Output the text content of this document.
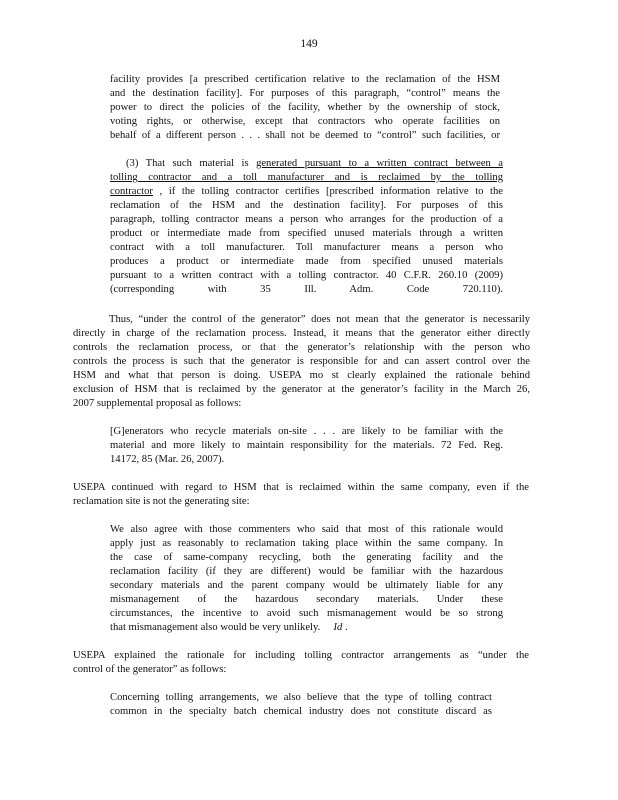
149
facility provides [a prescribed certification relative to the reclamation of the HSM
and the destination facility]. For purposes of this paragraph, “control” means the
power to direct the policies of the facility, whether by the ownership of stock,
voting rights, or otherwise, except that contractors who operate facilities on
behalf of a different person . . . shall not be deemed to “control” such facilities, or
(3) That such material is generated pursuant to a written contract between a
tolling contractor and a toll manufacturer and is reclaimed by the tolling
contractor , if the tolling contractor certifies [prescribed information relative to the
reclamation of the HSM and the destination facility]. For purposes of this
paragraph, tolling contractor means a person who arranges for the production of a
product or intermediate made from specified unused materials through a written
contract with a toll manufacturer. Toll manufacturer means a person who
produces a product or intermediate made from specified unused materials
pursuant to a written contract with a tolling contractor. 40 C.F.R. 260.10 (2009)
(corresponding with 35 Ill. Adm. Code 720.110).
Thus, “under the control of the generator” does not mean that the generator is necessarily
directly in charge of the reclamation process. Instead, it means that the generator either directly
controls the reclamation process, or that the generator’s relationship with the person who
controls the process is such that the generator is responsible for and can assert control over the
HSM and what that person is doing. USEPA mo st clearly explained the rationale behind
exclusion of HSM that is reclaimed by the generator at the generator’s facility in the March 26,
2007 supplemental proposal as follows:
[G]enerators who recycle materials on-site . . . are likely to be familiar with the
material and more likely to maintain responsibility for the materials. 72 Fed. Reg.
14172, 85 (Mar. 26, 2007).
USEPA continued with regard to HSM that is reclaimed within the same company, even if the
reclamation site is not the generating site:
We also agree with those commenters who said that most of this rationale would
apply just as reasonably to reclamation taking place within the same company. In
the case of same-company recycling, both the generating facility and the
reclamation facility (if they are different) would be familiar with the hazardous
secondary materials and the parent company would be ultimately liable for any
mismanagement of the hazardous secondary materials. Under these
circumstances, the incentive to avoid such mismanagement would be so strong
that mismanagement also would be very unlikely. Id .
USEPA explained the rationale for including tolling contractor arrangements as “under the
control of the generator” as follows:
Concerning tolling arrangements, we also believe that the type of tolling contract
common in the specialty batch chemical industry does not constitute discard as
